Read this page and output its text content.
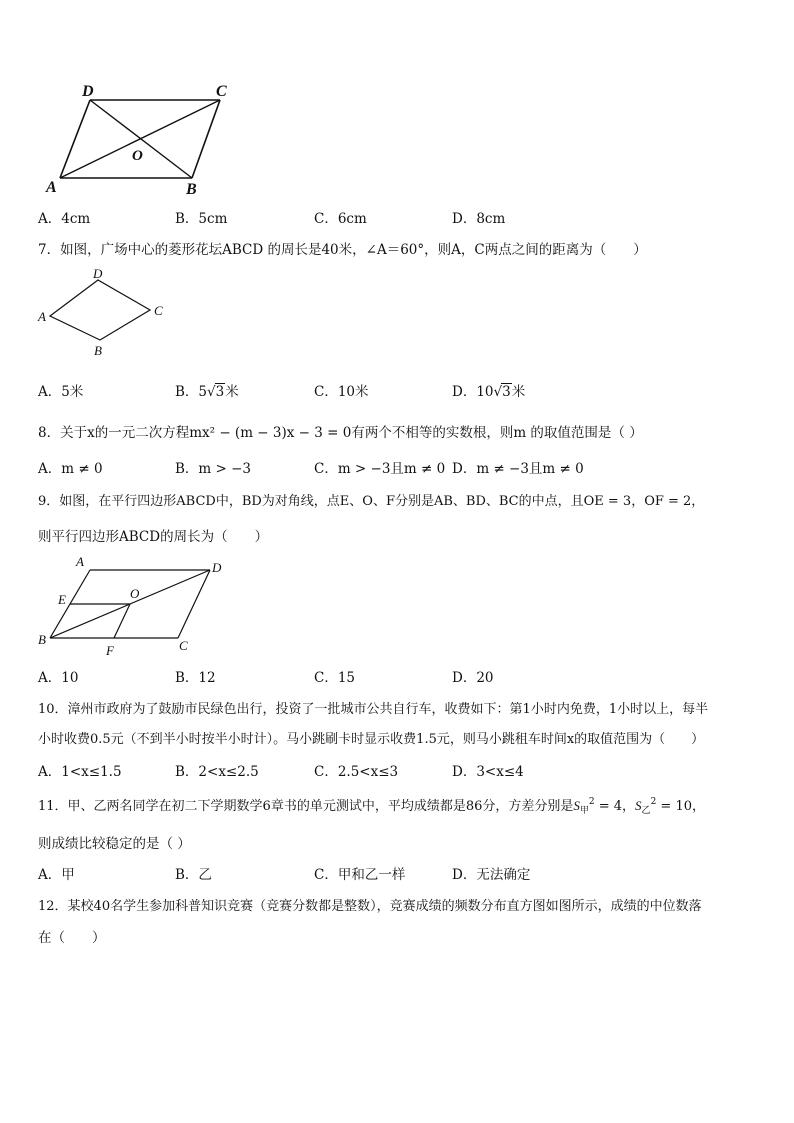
D	C
O
A	B
A．4cm	B．5cm	C．6cm	D．8cm
7．如图，广场中心的菱形花坛ABCD 的周长是40米，∠A＝60°，则A，C两点之间的距离为（　　）
D
A	C
B
A．5米	B．5√3米	C．10米	D．10√3米
8．关于x的一元二次方程mx² − (m − 3)x − 3 = 0有两个不相等的实数根，则m 的取值范围是（ ）
A．m ≠ 0	B．m > −3	C．m > −3且m ≠ 0 D．m ≠ −3且m ≠ 0
9．如图，在平行四边形ABCD中，BD为对角线，点E、O、F分别是AB、BD、BC的中点，且OE = 3，OF = 2，
则平行四边形ABCD的周长为（　　）
A	D
E	O
B	C
F
A．10	B．12	C．15	D．20
10．漳州市政府为了鼓励市民绿色出行，投资了一批城市公共自行车，收费如下：第1小时内免费，1小时以上，每半
小时收费0.5元（不到半小时按半小时计）。马小跳刷卡时显示收费1.5元，则马小跳租车时间x的取值范围为（　　）
A．1<x≤1.5	B．2<x≤2.5	C．2.5<x≤3	D．3<x≤4
11．甲、乙两名同学在初二下学期数学6章书的单元测试中，平均成绩都是86分，方差分别是$S_甲^2 = 4$，$S_乙^2 = 10$，
则成绩比较稳定的是（ ）
A．甲	B．乙	C．甲和乙一样	D．无法确定
12．某校40名学生参加科普知识竞赛（竞赛分数都是整数），竞赛成绩的频数分布直方图如图所示，成绩的中位数落
在（　　）
